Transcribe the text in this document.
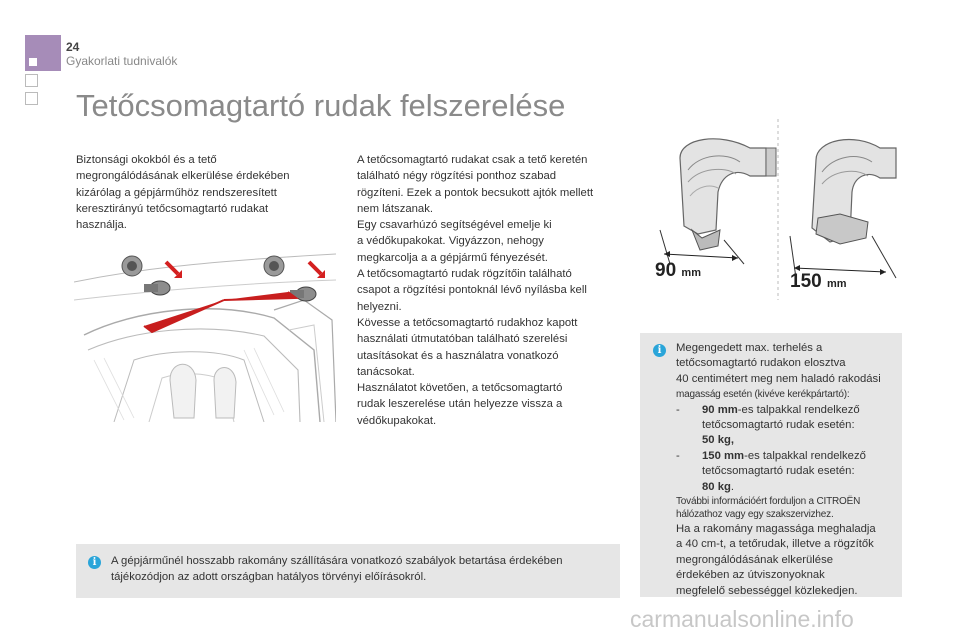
24
Gyakorlati tudnivalók
Tetőcsomagtartó rudak felszerelése
Biztonsági okokból és a tető
megrongálódásának elkerülése érdekében
kizárólag a gépjárműhöz rendszeresített
keresztirányú tetőcsomagtartó rudakat
használja.
A tetőcsomagtartó rudakat csak a tető keretén
található négy rögzítési ponthoz szabad
rögzíteni. Ezek a pontok becsukott ajtók mellett
nem látszanak.
Egy csavarhúzó segítségével emelje ki
a védőkupakokat. Vigyázzon, nehogy
megkarcolja a a gépjármű fényezését.
A tetőcsomagtartó rudak rögzítőin található
csapot a rögzítési pontoknál lévő nyílásba kell
helyezni.
Kövesse a tetőcsomagtartó rudakhoz kapott
használati útmutatóban található szerelési
utasításokat és a használatra vonatkozó
tanácsokat.
Használatot követően, a tetőcsomagtartó
rudak leszerelése után helyezze vissza a
védőkupakokat.
90 mm	150 mm
i	Megengedett max. terhelés a
tetőcsomagtartó rudakon elosztva
40 centimétert meg nem haladó rakodási
magasság esetén (kivéve kerékpártartó):
- 90 mm-es talpakkal rendelkező
tetőcsomagtartó rudak esetén:
50 kg,
- 150 mm-es talpakkal rendelkező
tetőcsomagtartó rudak esetén:
80 kg.
További információért forduljon a CITROËN
hálózathoz vagy egy szakszervizhez.
Ha a rakomány magassága meghaladja
a 40 cm-t, a tetőrudak, illetve a rögzítők
megrongálódásának elkerülése
érdekében az útviszonyoknak
megfelelő sebességgel közlekedjen.
i	A gépjárműnél hosszabb rakomány szállítására vonatkozó szabályok betartása érdekében
tájékozódjon az adott országban hatályos törvényi előírásokról.
carmanualsonline.info
